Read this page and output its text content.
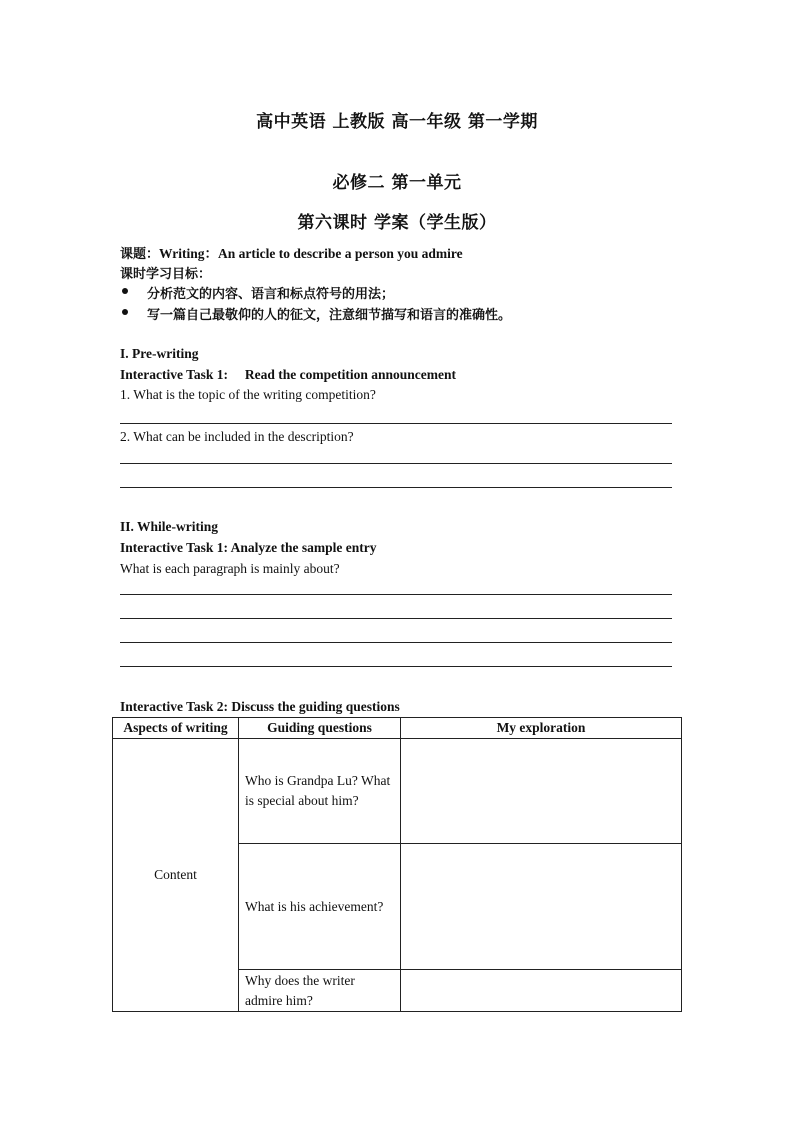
高中英语 上教版 高一年级 第一学期
必修二 第一单元
第六课时 学案（学生版）
课题：Writing：An article to describe a person you admire
课时学习目标：
分析范文的内容、语言和标点符号的用法；
写一篇自己最敬仰的人的征文，注意细节描写和语言的准确性。
I. Pre-writing
Interactive Task 1:     Read the competition announcement
1. What is the topic of the writing competition?
2. What can be included in the description?
II. While-writing
Interactive Task 1: Analyze the sample entry
What is each paragraph is mainly about?
Interactive Task 2: Discuss the guiding questions
Aspects of writing	Guiding questions	My exploration
Content	Who is Grandpa Lu? What is special about him?	
	What is his achievement?	
	Why does the writer admire him?	
